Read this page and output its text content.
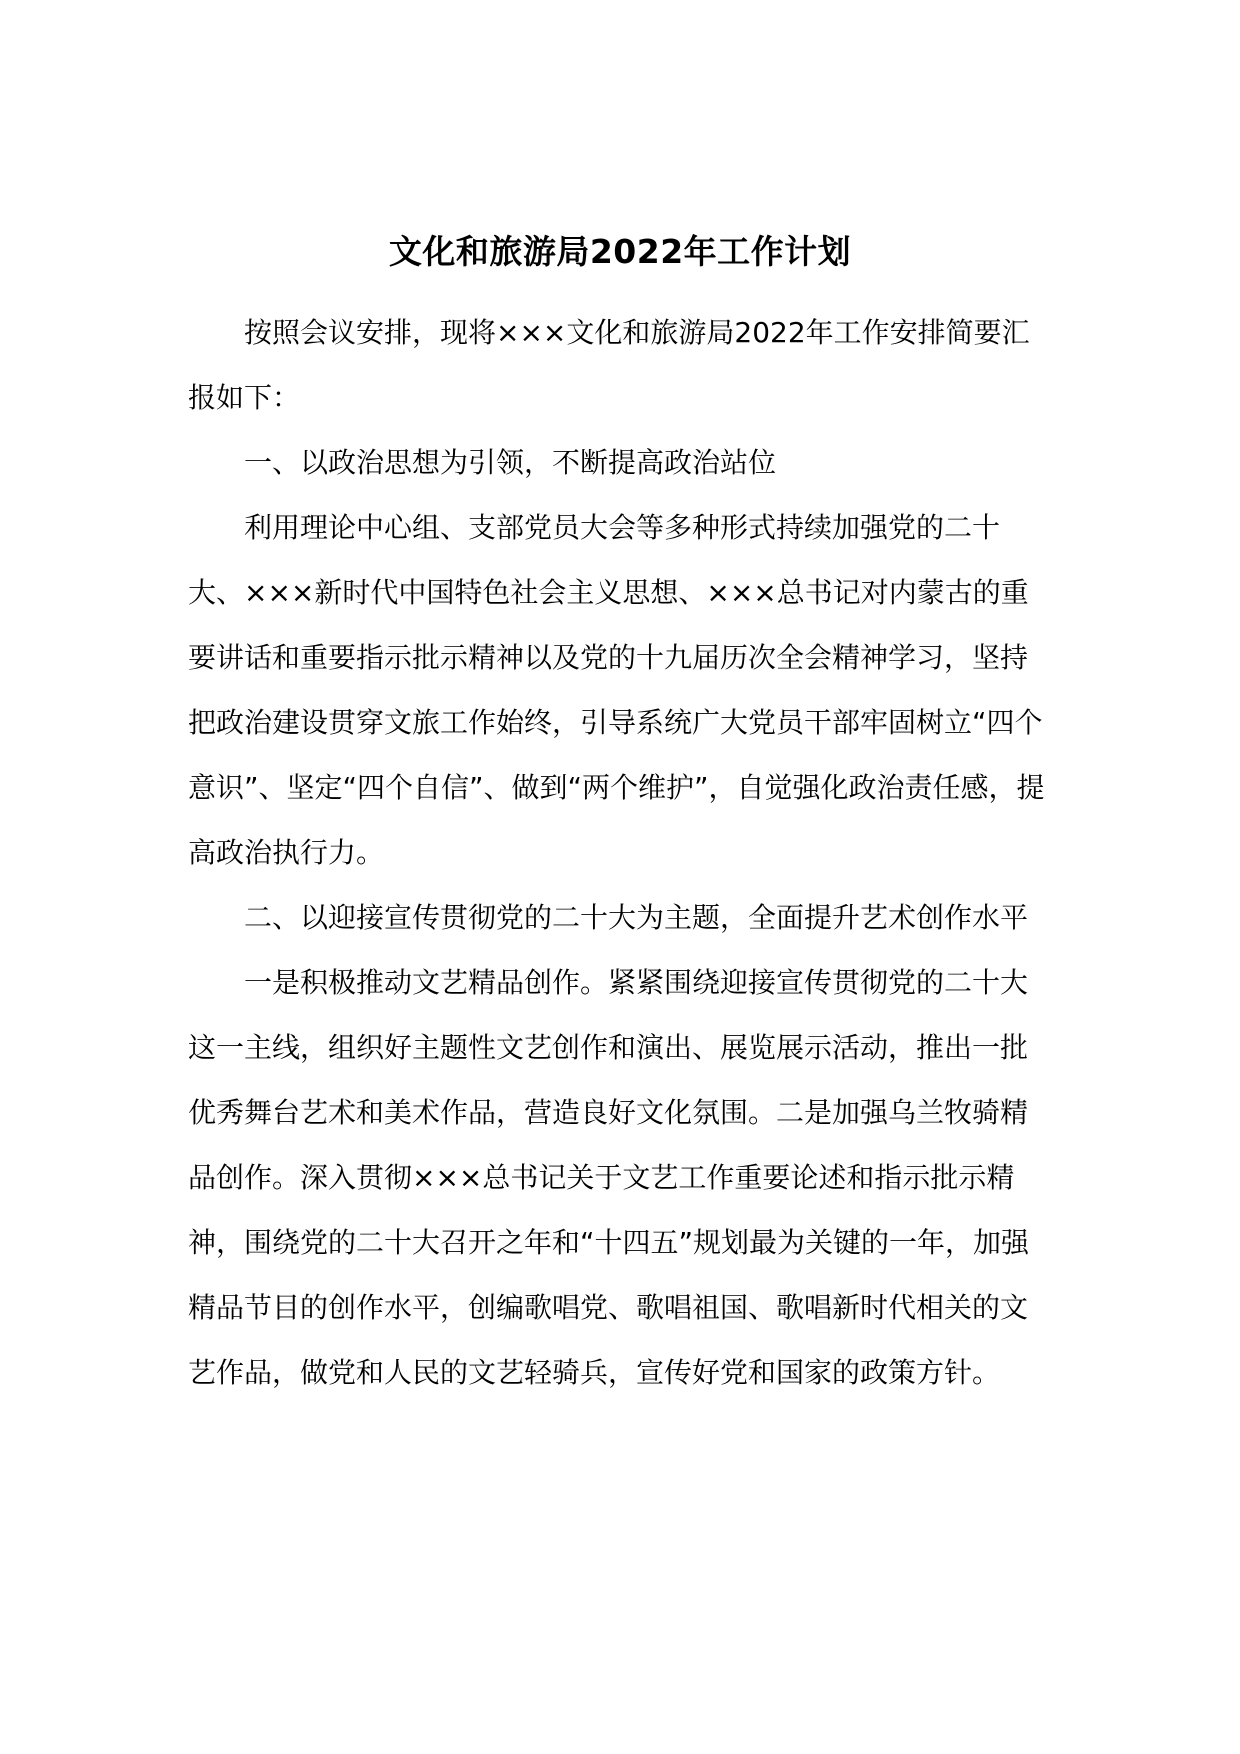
文化和旅游局2022年工作计划

按照会议安排，现将×××文化和旅游局2022年工作安排简要汇报如下：

一、以政治思想为引领，不断提高政治站位

利用理论中心组、支部党员大会等多种形式持续加强党的二十大、×××新时代中国特色社会主义思想、×××总书记对内蒙古的重要讲话和重要指示批示精神以及党的十九届历次全会精神学习，坚持把政治建设贯穿文旅工作始终，引导系统广大党员干部牢固树立“四个意识”、坚定“四个自信”、做到“两个维护”，自觉强化政治责任感，提高政治执行力。

二、以迎接宣传贯彻党的二十大为主题，全面提升艺术创作水平

一是积极推动文艺精品创作。紧紧围绕迎接宣传贯彻党的二十大这一主线，组织好主题性文艺创作和演出、展览展示活动，推出一批优秀舞台艺术和美术作品，营造良好文化氛围。二是加强乌兰牧骑精品创作。深入贯彻×××总书记关于文艺工作重要论述和指示批示精神，围绕党的二十大召开之年和“十四五”规划最为关键的一年，加强精品节目的创作水平，创编歌唱党、歌唱祖国、歌唱新时代相关的文艺作品，做党和人民的文艺轻骑兵，宣传好党和国家的政策方针。
